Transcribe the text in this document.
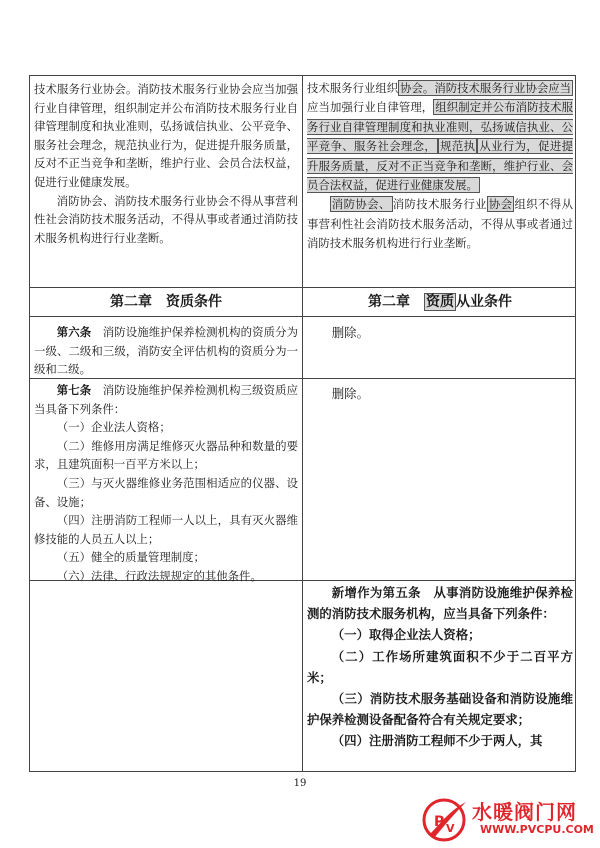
技术服务行业协会。消防技术服务行业协会应当加强行业自律管理，组织制定并公布消防技术服务行业自律管理制度和执业准则，弘扬诚信执业、公平竞争、服务社会理念，规范执业行为，促进提升服务质量，反对不正当竞争和垄断，维护行业、会员合法权益，促进行业健康发展。

消防协会、消防技术服务行业协会不得从事营利性社会消防技术服务活动，不得从事或者通过消防技术服务机构进行行业垄断。

技术服务行业组织 协会。消防技术服务行业协会应当应当加强行业自律管理， 组织制定并公布消防技术服务行业自律管理制度和执业准则，弘扬诚信执业、公平竞争、服务社会理念， 规范执 从业行为，促进提升服务质量，反对不正当竞争和垄断，维护行业、会员合法权益，促进行业健康发展。

消防协会、 消防技术服务行业 协会 组织不得从事营利性社会消防技术服务活动，不得从事或者通过消防技术服务机构进行行业垄断。

第二章　资质条件	第二章　 资质 从业条件

第六条　消防设施维护保养检测机构的资质分为一级、二级和三级，消防安全评估机构的资质分为一级和二级。

删除。

第七条　消防设施维护保养检测机构三级资质应当具备下列条件：

（一）企业法人资格；

（二）维修用房满足维修灭火器品种和数量的要求，且建筑面积一百平方米以上；

（三）与灭火器维修业务范围相适应的仪器、设备、设施；

（四）注册消防工程师一人以上，具有灭火器维修技能的人员五人以上；

（五）健全的质量管理制度；

（六）法律、行政法规规定的其他条件。

删除。

新增作为第五条　从事消防设施维护保养检测的消防技术服务机构，应当具备下列条件：

（一）取得企业法人资格；

（二）工作场所建筑面积不少于二百平方米；

（三）消防技术服务基础设备和消防设施维护保养检测设备配备符合有关规定要求；

（四）注册消防工程师不少于两人，其

19
P V
水暖阀门网
WWW.PVCPU.COM
